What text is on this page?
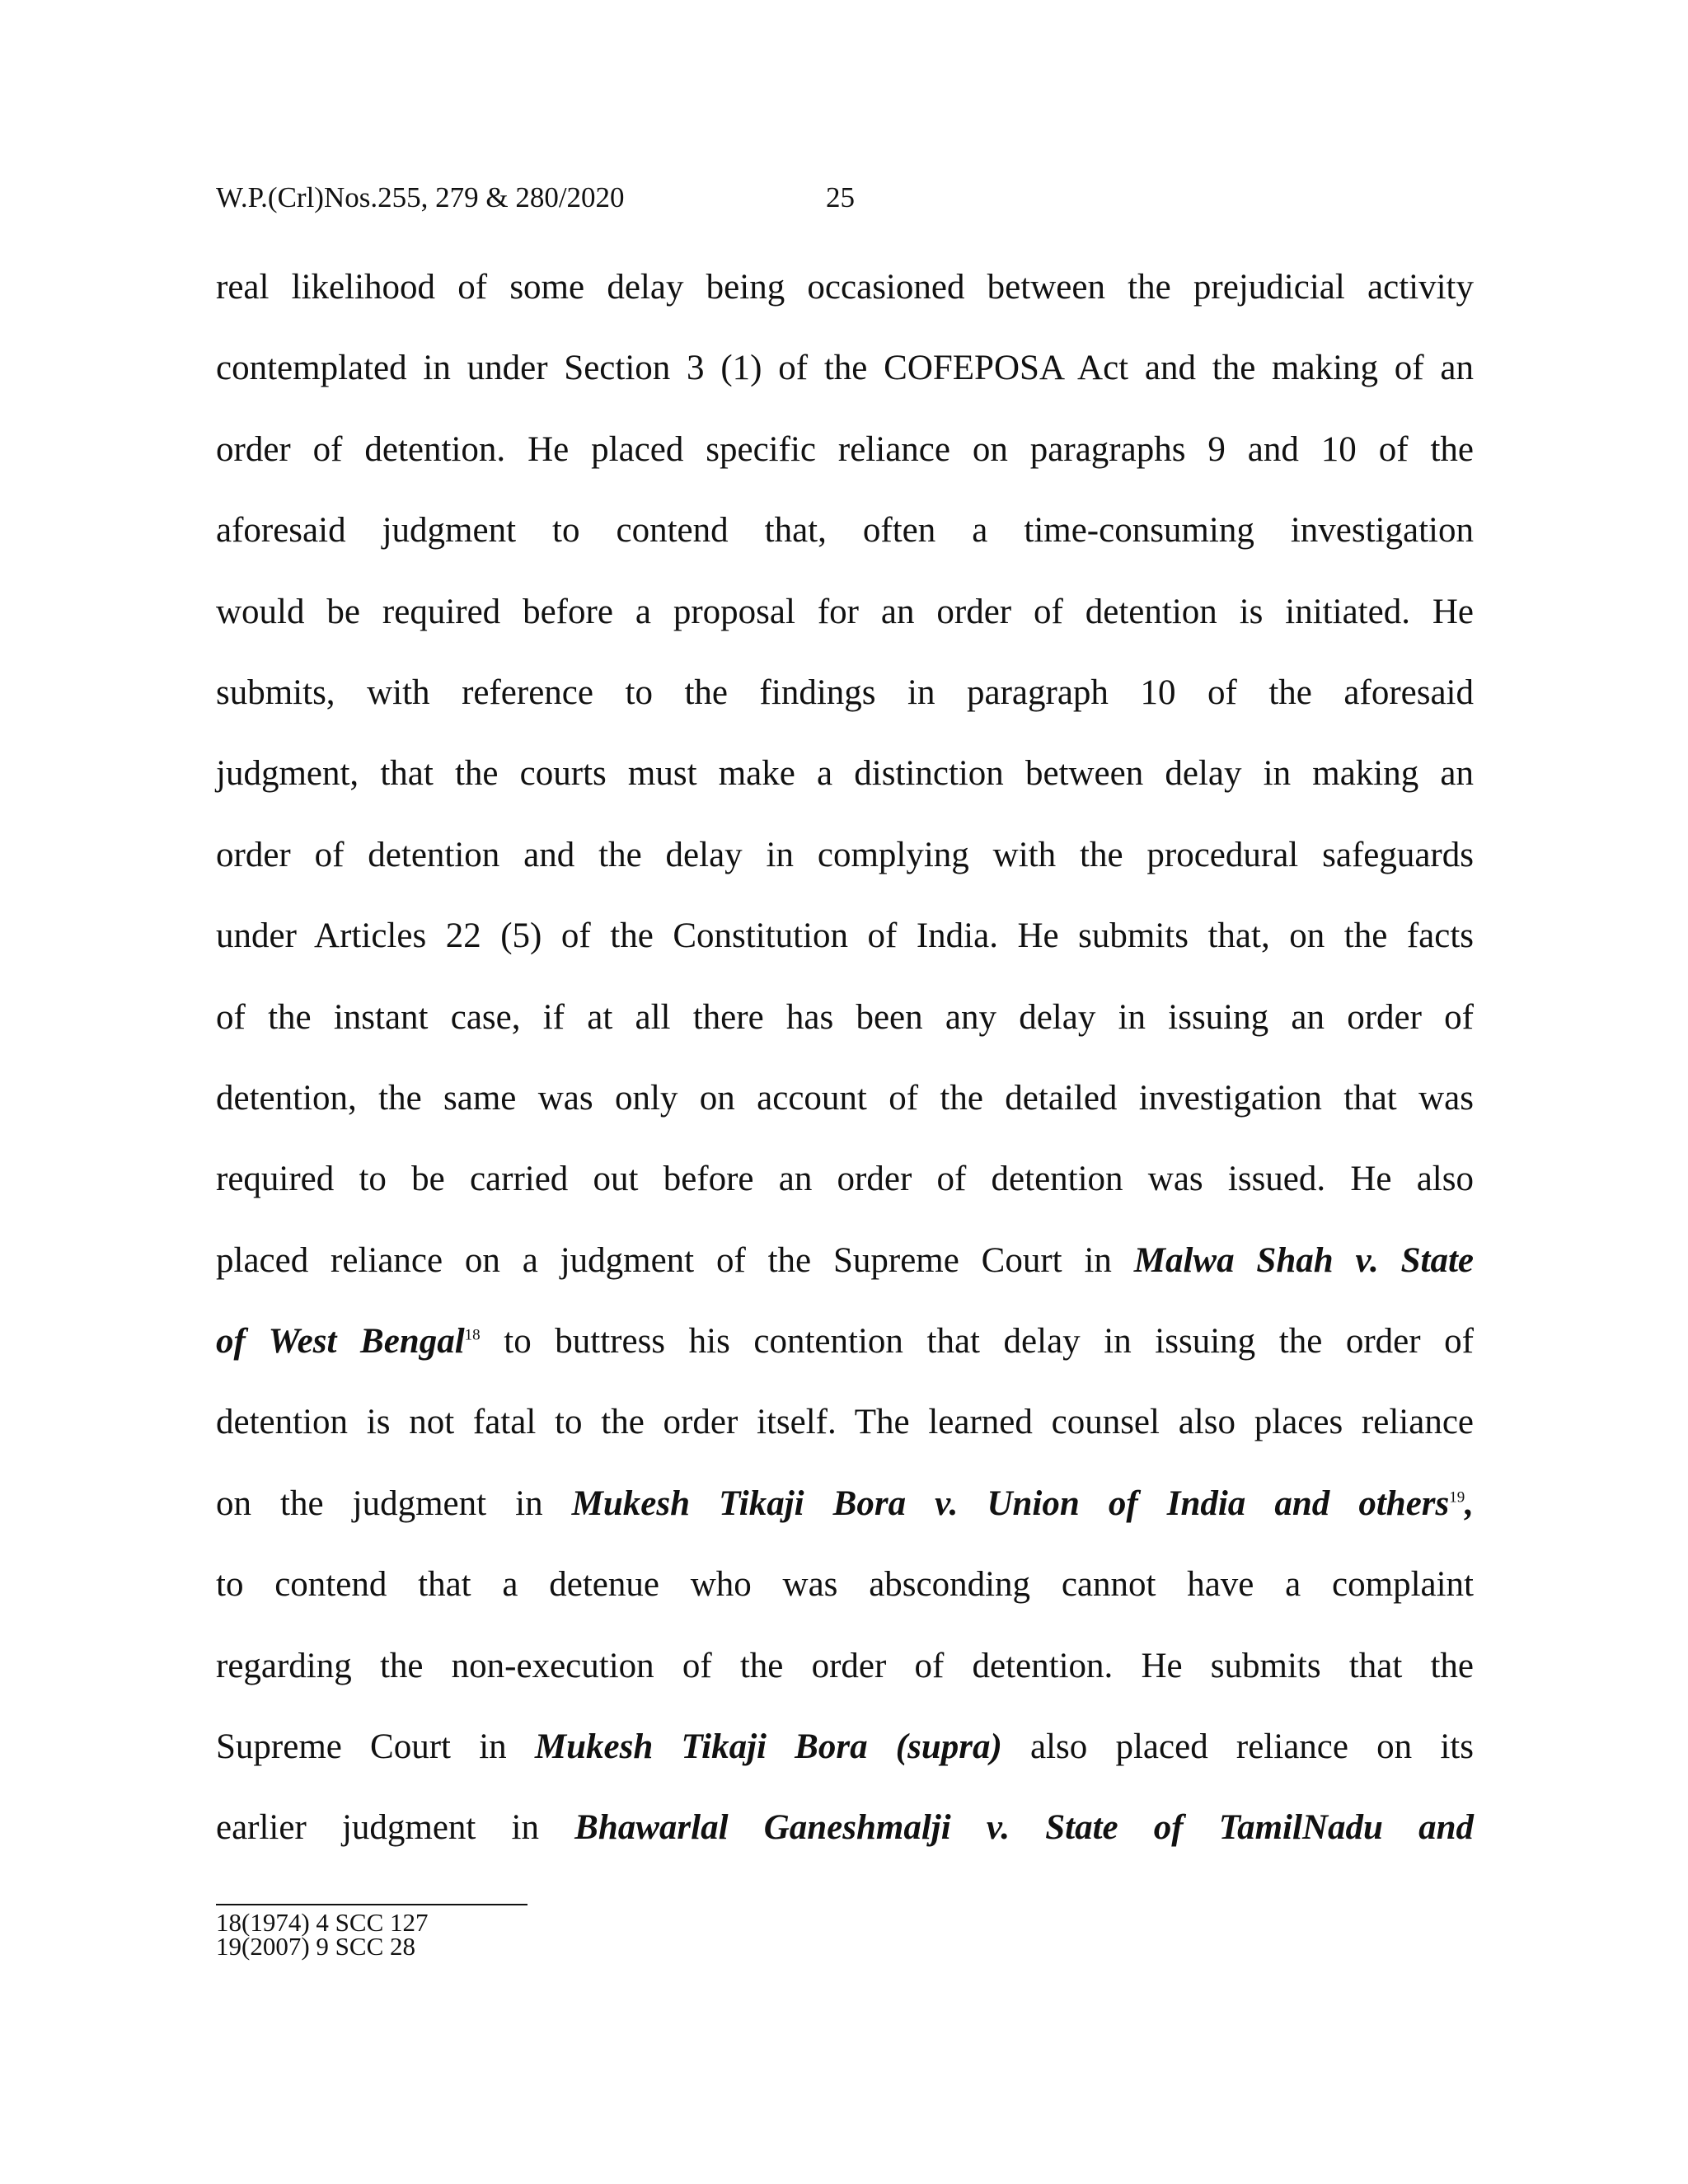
W.P.(Crl)Nos.255, 279 & 280/2020	25
real likelihood of some delay being occasioned between the prejudicial activity
contemplated in under Section 3 (1) of the COFEPOSA Act and the making of an
order of detention. He placed specific reliance on paragraphs 9 and 10 of the
aforesaid judgment to contend that, often a time-consuming investigation
would be required before a proposal for an order of detention is initiated. He
submits, with reference to the findings in paragraph 10 of the aforesaid
judgment, that the courts must make a distinction between delay in making an
order of detention and the delay in complying with the procedural safeguards
under Articles 22 (5) of the Constitution of India. He submits that, on the facts
of the instant case, if at all there has been any delay in issuing an order of
detention, the same was only on account of the detailed investigation that was
required to be carried out before an order of detention was issued. He also
placed reliance on a judgment of the Supreme Court in Malwa Shah v. State
of West Bengal$^{18}$ to buttress his contention that delay in issuing the order of
detention is not fatal to the order itself. The learned counsel also places reliance
on the judgment in Mukesh Tikaji Bora v. Union of India and others$^{19}$,
to contend that a detenue who was absconding cannot have a complaint
regarding the non-execution of the order of detention. He submits that the
Supreme Court in Mukesh Tikaji Bora (supra) also placed reliance on its
earlier judgment in Bhawarlal Ganeshmalji v. State of TamilNadu and
18(1974) 4 SCC 127
19(2007) 9 SCC 28
